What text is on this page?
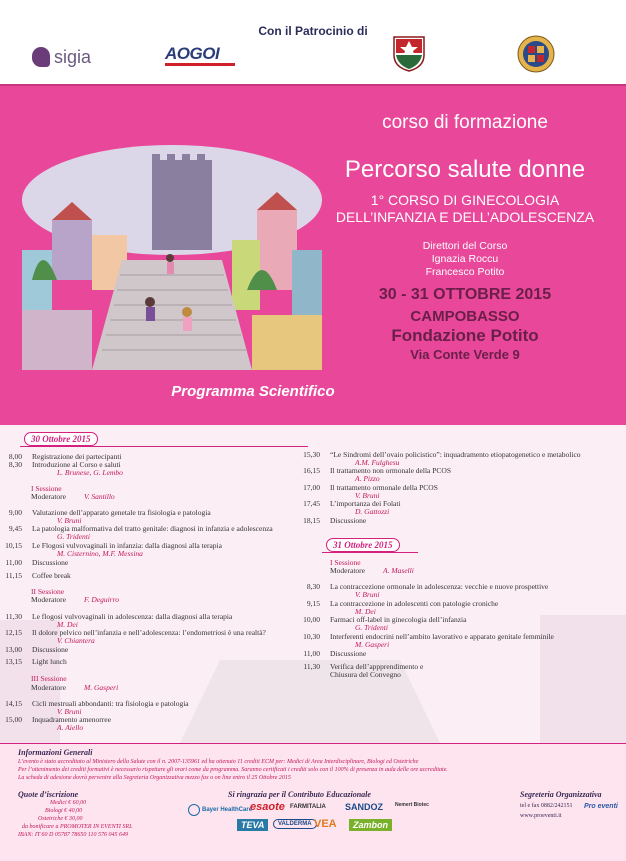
Con il Patrocinio di
sigia	AOGOI
corso di formazione
Percorso salute donne
1° CORSO DI GINECOLOGIA
DELL’INFANZIA E DELL’ADOLESCENZA
Direttori del Corso
Ignazia Roccu
Francesco Potito
30 - 31 OTTOBRE 2015
CAMPOBASSO
Fondazione Potito
Via Conte Verde 9
Programma Scientifico
30 Ottobre 2015
8,00 Registrazione dei partecipanti
8,30 Introduzione al Corso e saluti
L. Brunese, G. Lembo
I Sessione
Moderatore V. Santillo
9,00 Valutazione dell’apparato genetale tra fisiologia e patologia
V. Bruni
9,45 La patologia malformativa del tratto genitale: diagnosi in infanzia e adolescenza
G. Tridenti
10,15 Le Flogosi vulvovaginali in infanzia: dalla diagnosi alla terapia
M. Cisternino, M.F. Messina
11,00 Discussione
11,15 Coffee break
II Sessione
Moderatore F. Deguirro
11,30 Le flogosi vulvovaginali in adolescenza: dalla diagnosi alla terapia
M. Dei
12,15 Il dolore pelvico nell’infanzia e nell’adolescenza: l’endometriosi è una realtà?
V. Chiantera
13,00 Discussione
13,15 Light lunch
III Sessione
Moderatore M. Gasperi
14,15 Cicli mestruali abbondanti: tra fisiologia e patologia
V. Bruni
15,00 Inquadramento amenorree
A. Aiello
15,30 “Le Sindromi dell’ovaio policistico”: inquadramento etiopatogenetico e metabolico
A.M. Fulghesu
16,15 Il trattamento non ormonale della PCOS
A. Pizzo
17,00 Il trattamento ormonale della PCOS
V. Bruni
17,45 L’importanza dei Folati
D. Gattozzi
18,15 Discussione
31 Ottobre 2015
I Sessione
Moderatore A. Maselli
8,30 La contraccezione ormonale in adolescenza: vecchie e nuove prospettive
V. Bruni
9,15 La contraccezione in adolescenti con patologie croniche
M. Dei
10,00 Farmaci off-label in ginecologia dell’infanzia
G. Tridenti
10,30 Interferenti endocrini nell’ambito lavorativo e apparato genitale femminile
M. Gasperi
11,00 Discussione
11,30 Verifica dell’appprendimento e
Chiusura del Convegno
Informazioni Generali
L’evento è stato accreditato al Ministero della Salute con il n. 2007-135961 ed ha ottenuto 11 crediti ECM per: Medici di Area Interdisciplinare, Biologi ed Ostetriche
Per l’ottenimento dei crediti formativi è necessario rispettare gli orari come da programma. Saranno certificati i crediti solo con il 100% di presenza in aula delle ore accreditate.
La scheda di adesione dovrà pervenire alla Segreteria Organizzativa mezzo fax o on line entro il 25 Ottobre 2015
Quote d’iscrizione
Medici € 60,00
Biologi € 40,00
Ostetriche € 30,00
da bonificare a PROMOTER IN EVENTI SRL
IBAN: IT 60 D 05787 78650 110 576 045 649
Si ringrazia per il Contributo Educazionale
Bayer HealthCare
esaote FARMITALIA SANDOZ Nemert Biotec
TEVA	VALDERMA VEA	Zambon
Segreteria Organizzativa
tel e fax 0882/242151 Pro eventi
www.proeventi.it
